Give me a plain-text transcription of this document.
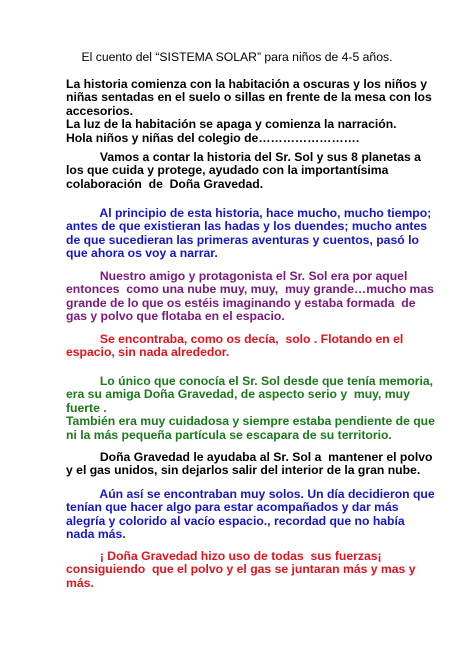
El cuento del “SISTEMA SOLAR” para niños de 4-5 años.
La historia comienza con la habitación a oscuras y los niños y
niñas sentadas en el suelo o sillas en frente de la mesa con los
accesorios.
La luz de la habitación se apaga y comienza la narración.
Hola niños y niñas del colegio de…………………….
Vamos a contar la historia del Sr. Sol y sus 8 planetas a
los que cuida y protege, ayudado con la importantísima
colaboración  de  Doña Gravedad.
Al principio de esta historia, hace mucho, mucho tiempo;
antes de que existieran las hadas y los duendes; mucho antes
de que sucedieran las primeras aventuras y cuentos, pasó lo
que ahora os voy a narrar.
Nuestro amigo y protagonista el Sr. Sol era por aquel
entonces  como una nube muy, muy,  muy grande…mucho mas
grande de lo que os estéis imaginando y estaba formada  de
gas y polvo que flotaba en el espacio.
Se encontraba, como os decía,  solo . Flotando en el
espacio, sin nada alrededor.
Lo único que conocía el Sr. Sol desde que tenía memoria,
era su amiga Doña Gravedad, de aspecto serio y  muy, muy
fuerte .
También era muy cuidadosa y siempre estaba pendiente de que
ni la más pequeña partícula se escapara de su territorio.
Doña Gravedad le ayudaba al Sr. Sol a  mantener el polvo
y el gas unidos, sin dejarlos salir del interior de la gran nube.
Aún así se encontraban muy solos. Un día decidieron que
tenían que hacer algo para estar acompañados y dar más
alegría y colorido al vacío espacio., recordad que no había
nada más.
¡ Doña Gravedad hizo uso de todas  sus fuerzas¡
consiguiendo  que el polvo y el gas se juntaran más y mas y
más.
